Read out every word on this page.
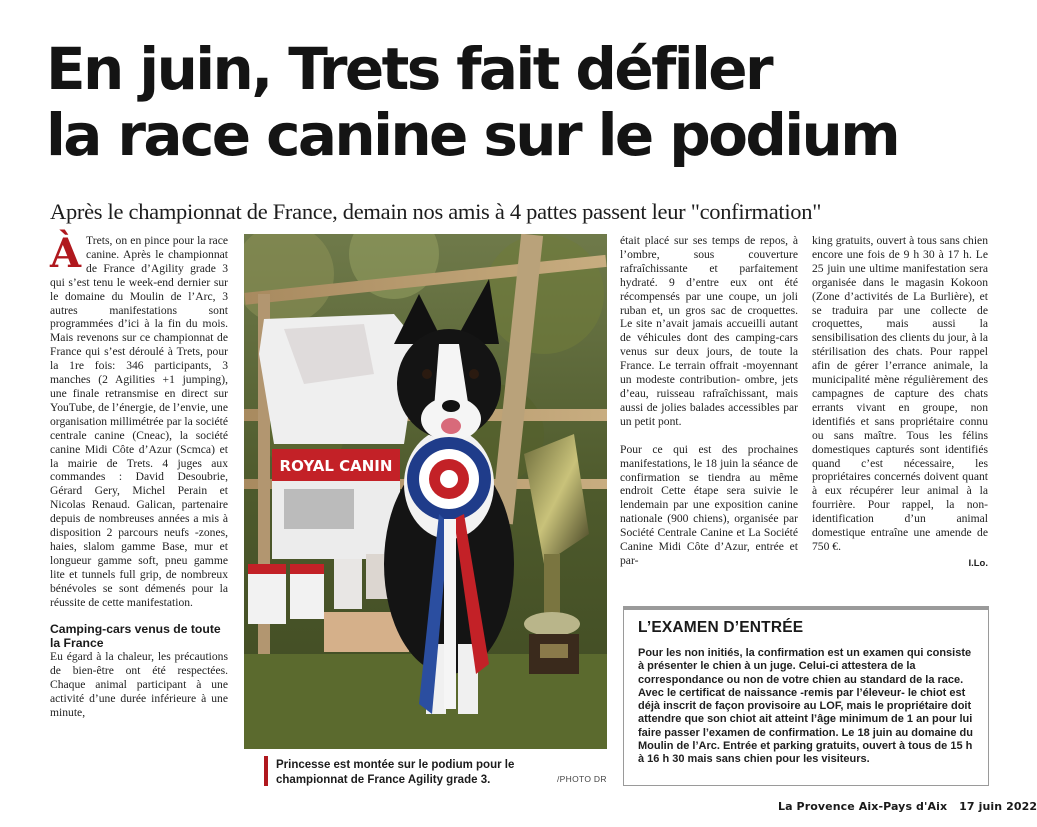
En juin, Trets fait défiler
la race canine sur le podium
Après le championnat de France, demain nos amis à 4 pattes passent leur "confirmation"

À Trets, on en pince pour la race canine. Après le championnat de France d’Agility grade 3 qui s’est tenu le week-end dernier sur le domaine du Moulin de l’Arc, 3 autres manifestations sont programmées d’ici à la fin du mois. Mais revenons sur ce championnat de France qui s’est déroulé à Trets, pour la 1re fois: 346 participants, 3 manches (2 Agilities +1 jumping), une finale retransmise en direct sur YouTube, de l’énergie, de l’envie, une organisation millimétrée par la société centrale canine (Cneac), la société canine Midi Côte d’Azur (Scmca) et la mairie de Trets. 4 juges aux commandes : David Desoubrie, Gérard Gery, Michel Perain et Nicolas Renaud. Galican, partenaire depuis de nombreuses années a mis à disposition 2 parcours neufs -zones, haies, slalom gamme Base, mur et longueur gamme soft, pneu gamme lite et tunnels full grip, de nombreux bénévoles se sont démenés pour la réussite de cette manifestation.

Camping-cars venus de toute la France

Eu égard à la chaleur, les précautions de bien-être ont été respectées. Chaque animal participant à une activité d’une durée inférieure à une minute,

ROYAL CANIN
Princesse est montée sur le podium pour le championnat de France Agility grade 3.	/PHOTO DR

était placé sur ses temps de repos, à l’ombre, sous couverture rafraîchissante et parfaitement hydraté. 9 d’entre eux ont été récompensés par une coupe, un joli ruban et, un gros sac de croquettes. Le site n’avait jamais accueilli autant de véhicules dont des camping-cars venus sur deux jours, de toute la France. Le terrain offrait -moyennant un modeste contribution- ombre, jets d’eau, ruisseau rafraîchissant, mais aussi de jolies balades accessibles par un petit pont.

Pour ce qui est des prochaines manifestations, le 18 juin la séance de confirmation se tiendra au même endroit Cette étape sera suivie le lendemain par une exposition canine nationale (900 chiens), organisée par Société Centrale Canine et La Société Canine Midi Côte d’Azur, entrée et par-

king gratuits, ouvert à tous sans chien encore une fois de 9 h 30 à 17 h. Le 25 juin une ultime manifestation sera organisée dans le magasin Kokoon (Zone d’activités de La Burlière), et se traduira par une collecte de croquettes, mais aussi la sensibilisation des clients du jour, à la stérilisation des chats. Pour rappel afin de gérer l’errance animale, la municipalité mène régulièrement des campagnes de capture des chats errants vivant en groupe, non identifiés et sans propriétaire connu ou sans maître. Tous les félins domestiques capturés sont identifiés quand c’est nécessaire, les propriétaires concernés doivent quant à eux récupérer leur animal à la fourrière. Pour rappel, la non-identification d’un animal domestique entraîne une amende de 750 €.

I.Lo.
L’EXAMEN D’ENTRÉE
Pour les non initiés, la confirmation est un examen qui consiste à présenter le chien à un juge. Celui-ci attestera de la correspondance ou non de votre chien au standard de la race. Avec le certificat de naissance -remis par l’éleveur- le chiot est déjà inscrit de façon provisoire au LOF, mais le propriétaire doit attendre que son chiot ait atteint l’âge minimum de 1 an pour lui faire passer l’examen de confirmation. Le 18 juin au domaine du Moulin de l’Arc. Entrée et parking gratuits, ouvert à tous de 15 h à 16 h 30 mais sans chien pour les visiteurs.
La Provence Aix-Pays d'Aix 17 juin 2022
